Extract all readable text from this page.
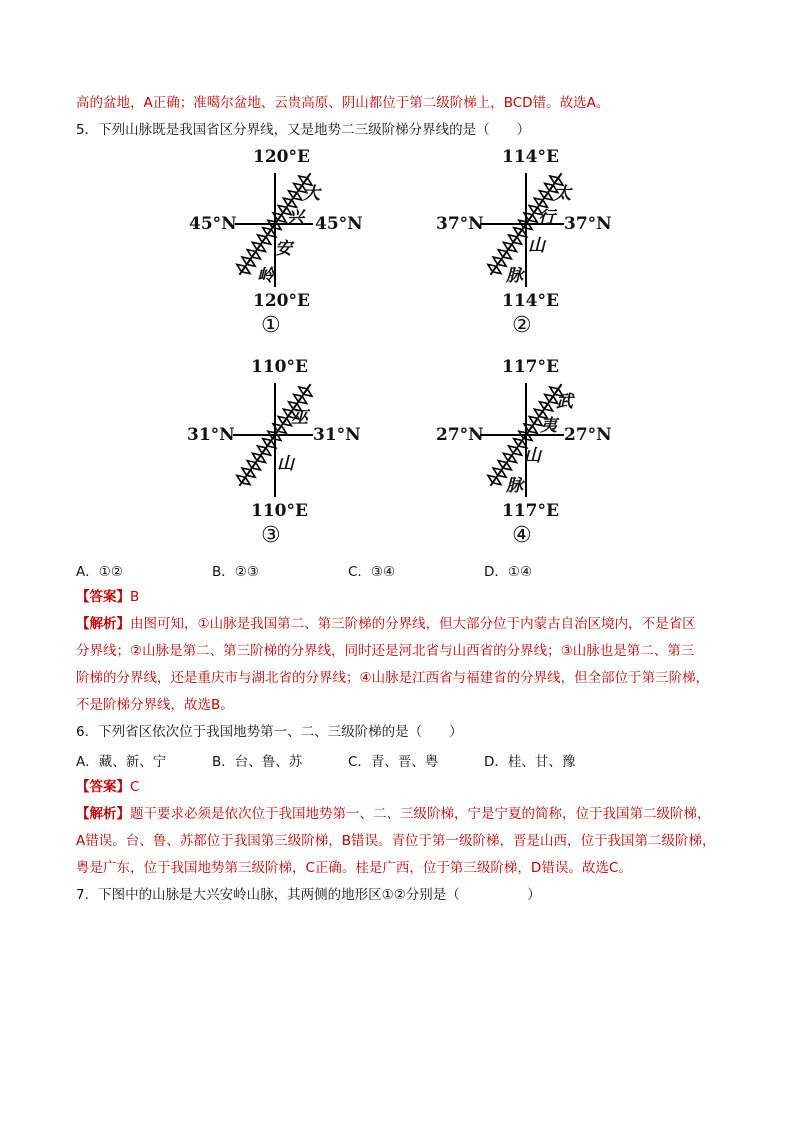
高的盆地，A正确；准噶尔盆地、云贵高原、阴山都位于第二级阶梯上，BCD错。故选A。
5．下列山脉既是我国省区分界线，又是地势二三级阶梯分界线的是（　　）
120°E
120°E
45°N	45°N
大
兴
安
岭
①
114°E
114°E
37°N	37°N
太
行
山
脉
②
110°E
110°E
31°N	31°N
巫
山
③
117°E
117°E
27°N	27°N
武
夷
山
脉
④
A．①②	B．②③	C．③④	D．①④
【答案】B
【解析】由图可知，①山脉是我国第二、第三阶梯的分界线，但大部分位于内蒙古自治区境内，不是省区
分界线；②山脉是第二、第三阶梯的分界线，同时还是河北省与山西省的分界线；③山脉也是第二、第三
阶梯的分界线，还是重庆市与湖北省的分界线；④山脉是江西省与福建省的分界线，但全部位于第三阶梯，
不是阶梯分界线，故选B。
6．下列省区依次位于我国地势第一、二、三级阶梯的是（　　）
A．藏、新、宁	B．台、鲁、苏	C．青、晋、粤	D．桂、甘、豫
【答案】C
【解析】题干要求必须是依次位于我国地势第一、二、三级阶梯，宁是宁夏的简称，位于我国第二级阶梯，
A错误。台、鲁、苏都位于我国第三级阶梯，B错误。青位于第一级阶梯，晋是山西，位于我国第二级阶梯，
粤是广东，位于我国地势第三级阶梯，C正确。桂是广西，位于第三级阶梯，D错误。故选C。
7．下图中的山脉是大兴安岭山脉，其两侧的地形区①②分别是（　　　　　）
